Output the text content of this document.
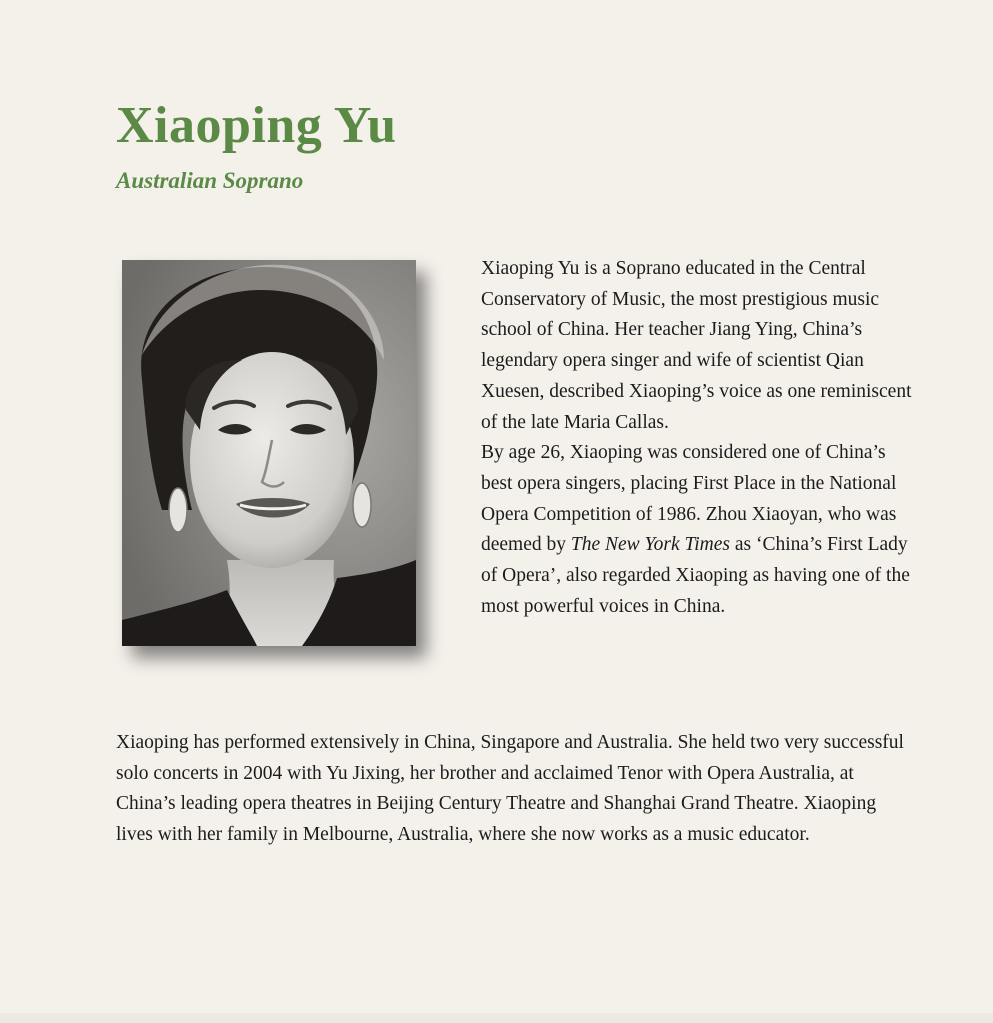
Xiaoping Yu
Australian Soprano

Xiaoping Yu is a Soprano educated in the Central Conservatory of Music, the most prestigious music school of China. Her teacher Jiang Ying, China’s legendary opera singer and wife of scientist Qian Xuesen, described Xiaoping’s voice as one reminiscent of the late Maria Callas.

By age 26, Xiaoping was considered one of China’s best opera singers, placing First Place in the National Opera Competition of 1986. Zhou Xiaoyan, who was deemed by The New York Times as ‘China’s First Lady of Opera’, also regarded Xiaoping as having one of the most powerful voices in China.

Xiaoping has performed extensively in China, Singapore and Australia. She held two very successful solo concerts in 2004 with Yu Jixing, her brother and acclaimed Tenor with Opera Australia, at China’s leading opera theatres in Beijing Century Theatre and Shanghai Grand Theatre. Xiaoping lives with her family in Melbourne, Australia, where she now works as a music educator.
